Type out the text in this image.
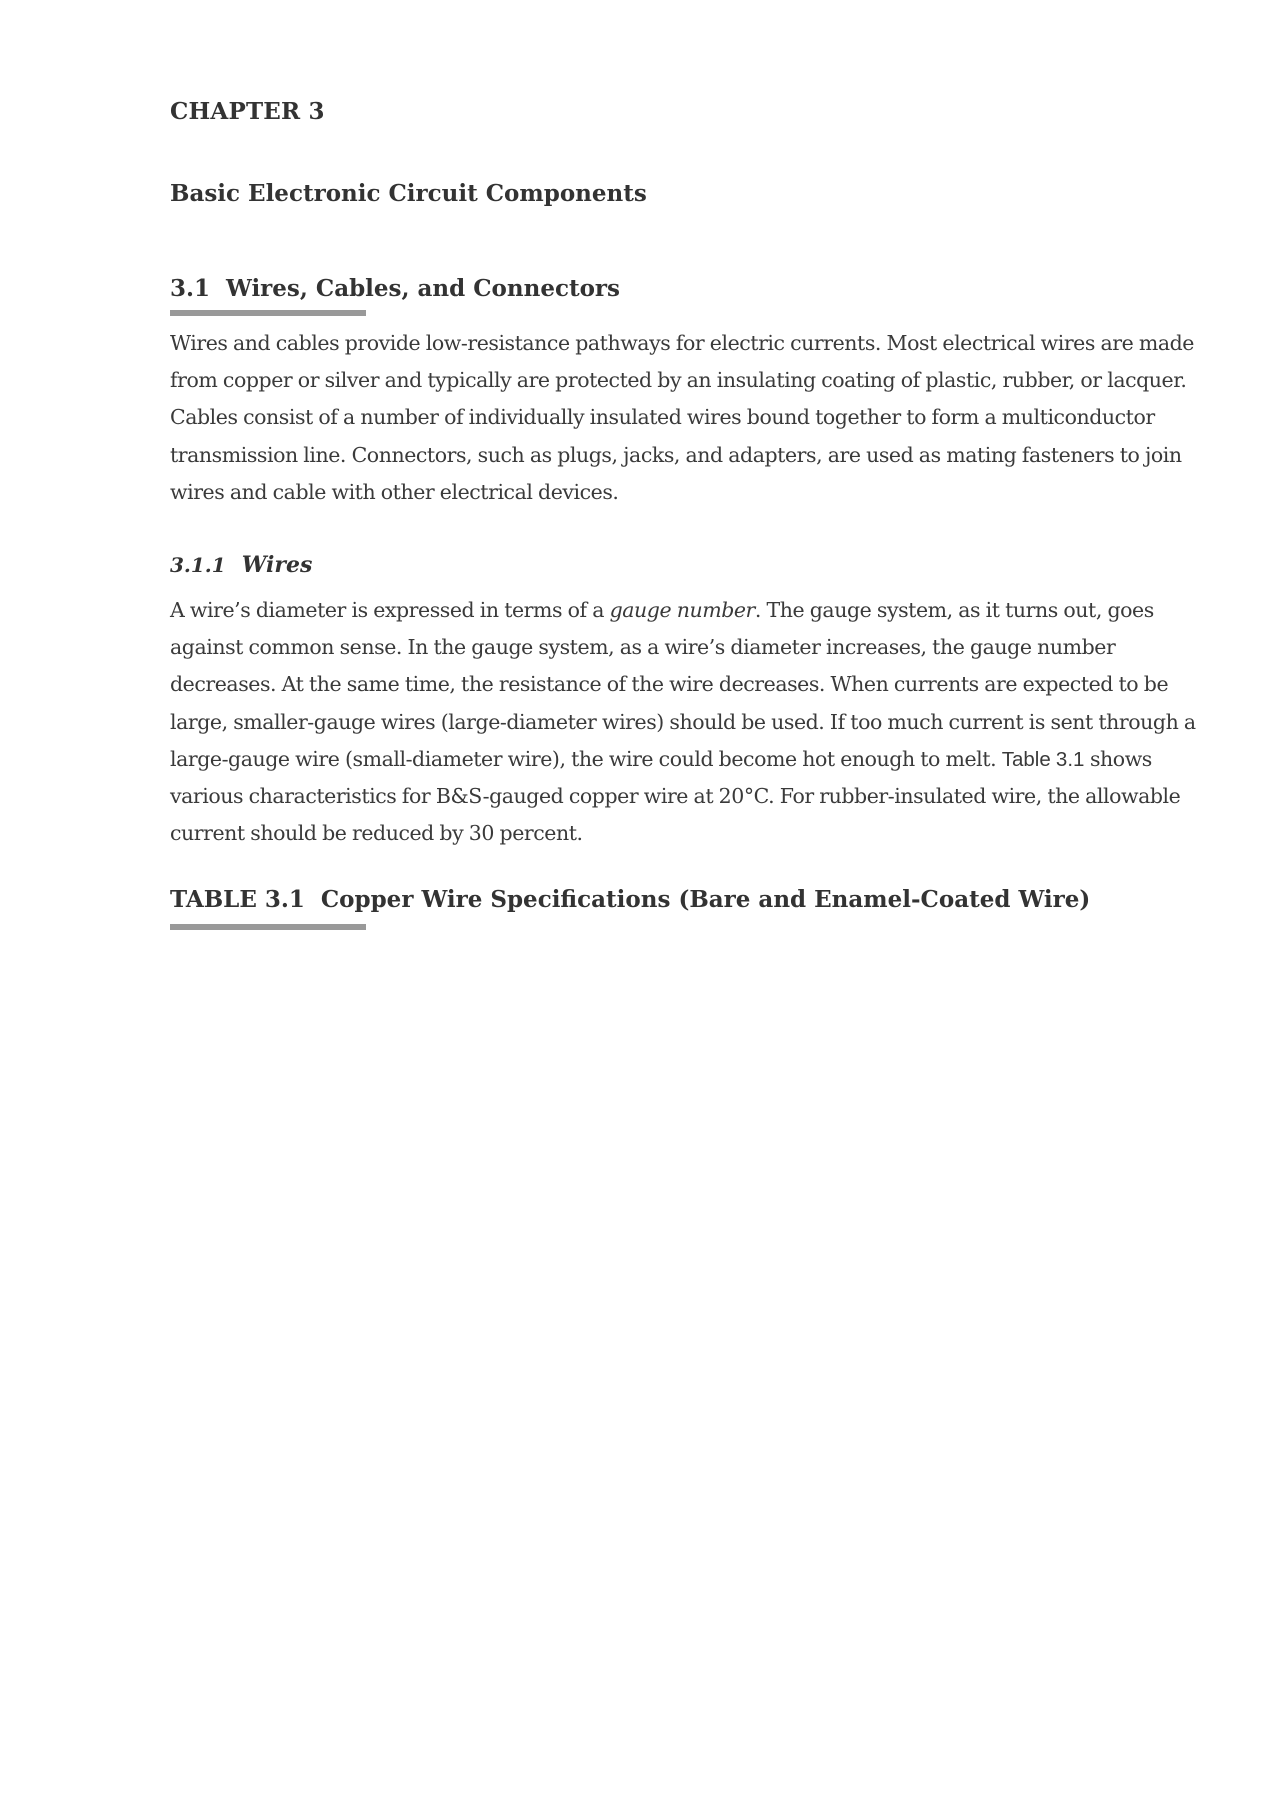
CHAPTER 3
Basic Electronic Circuit Components
3.1 Wires, Cables, and Connectors

Wires and cables provide low-resistance pathways for electric currents. Most electrical wires are made

from copper or silver and typically are protected by an insulating coating of plastic, rubber, or lacquer.

Cables consist of a number of individually insulated wires bound together to form a multiconductor

transmission line. Connectors, such as plugs, jacks, and adapters, are used as mating fasteners to join

wires and cable with other electrical devices.

3.1.1 Wires

A wire’s diameter is expressed in terms of a gauge number. The gauge system, as it turns out, goes

against common sense. In the gauge system, as a wire’s diameter increases, the gauge number

decreases. At the same time, the resistance of the wire decreases. When currents are expected to be

large, smaller-gauge wires (large-diameter wires) should be used. If too much current is sent through a

large-gauge wire (small-diameter wire), the wire could become hot enough to melt. Table 3.1 shows

various characteristics for B&S-gauged copper wire at 20°C. For rubber-insulated wire, the allowable

current should be reduced by 30 percent.

TABLE 3.1 Copper Wire Specifications (Bare and Enamel-Coated Wire)
